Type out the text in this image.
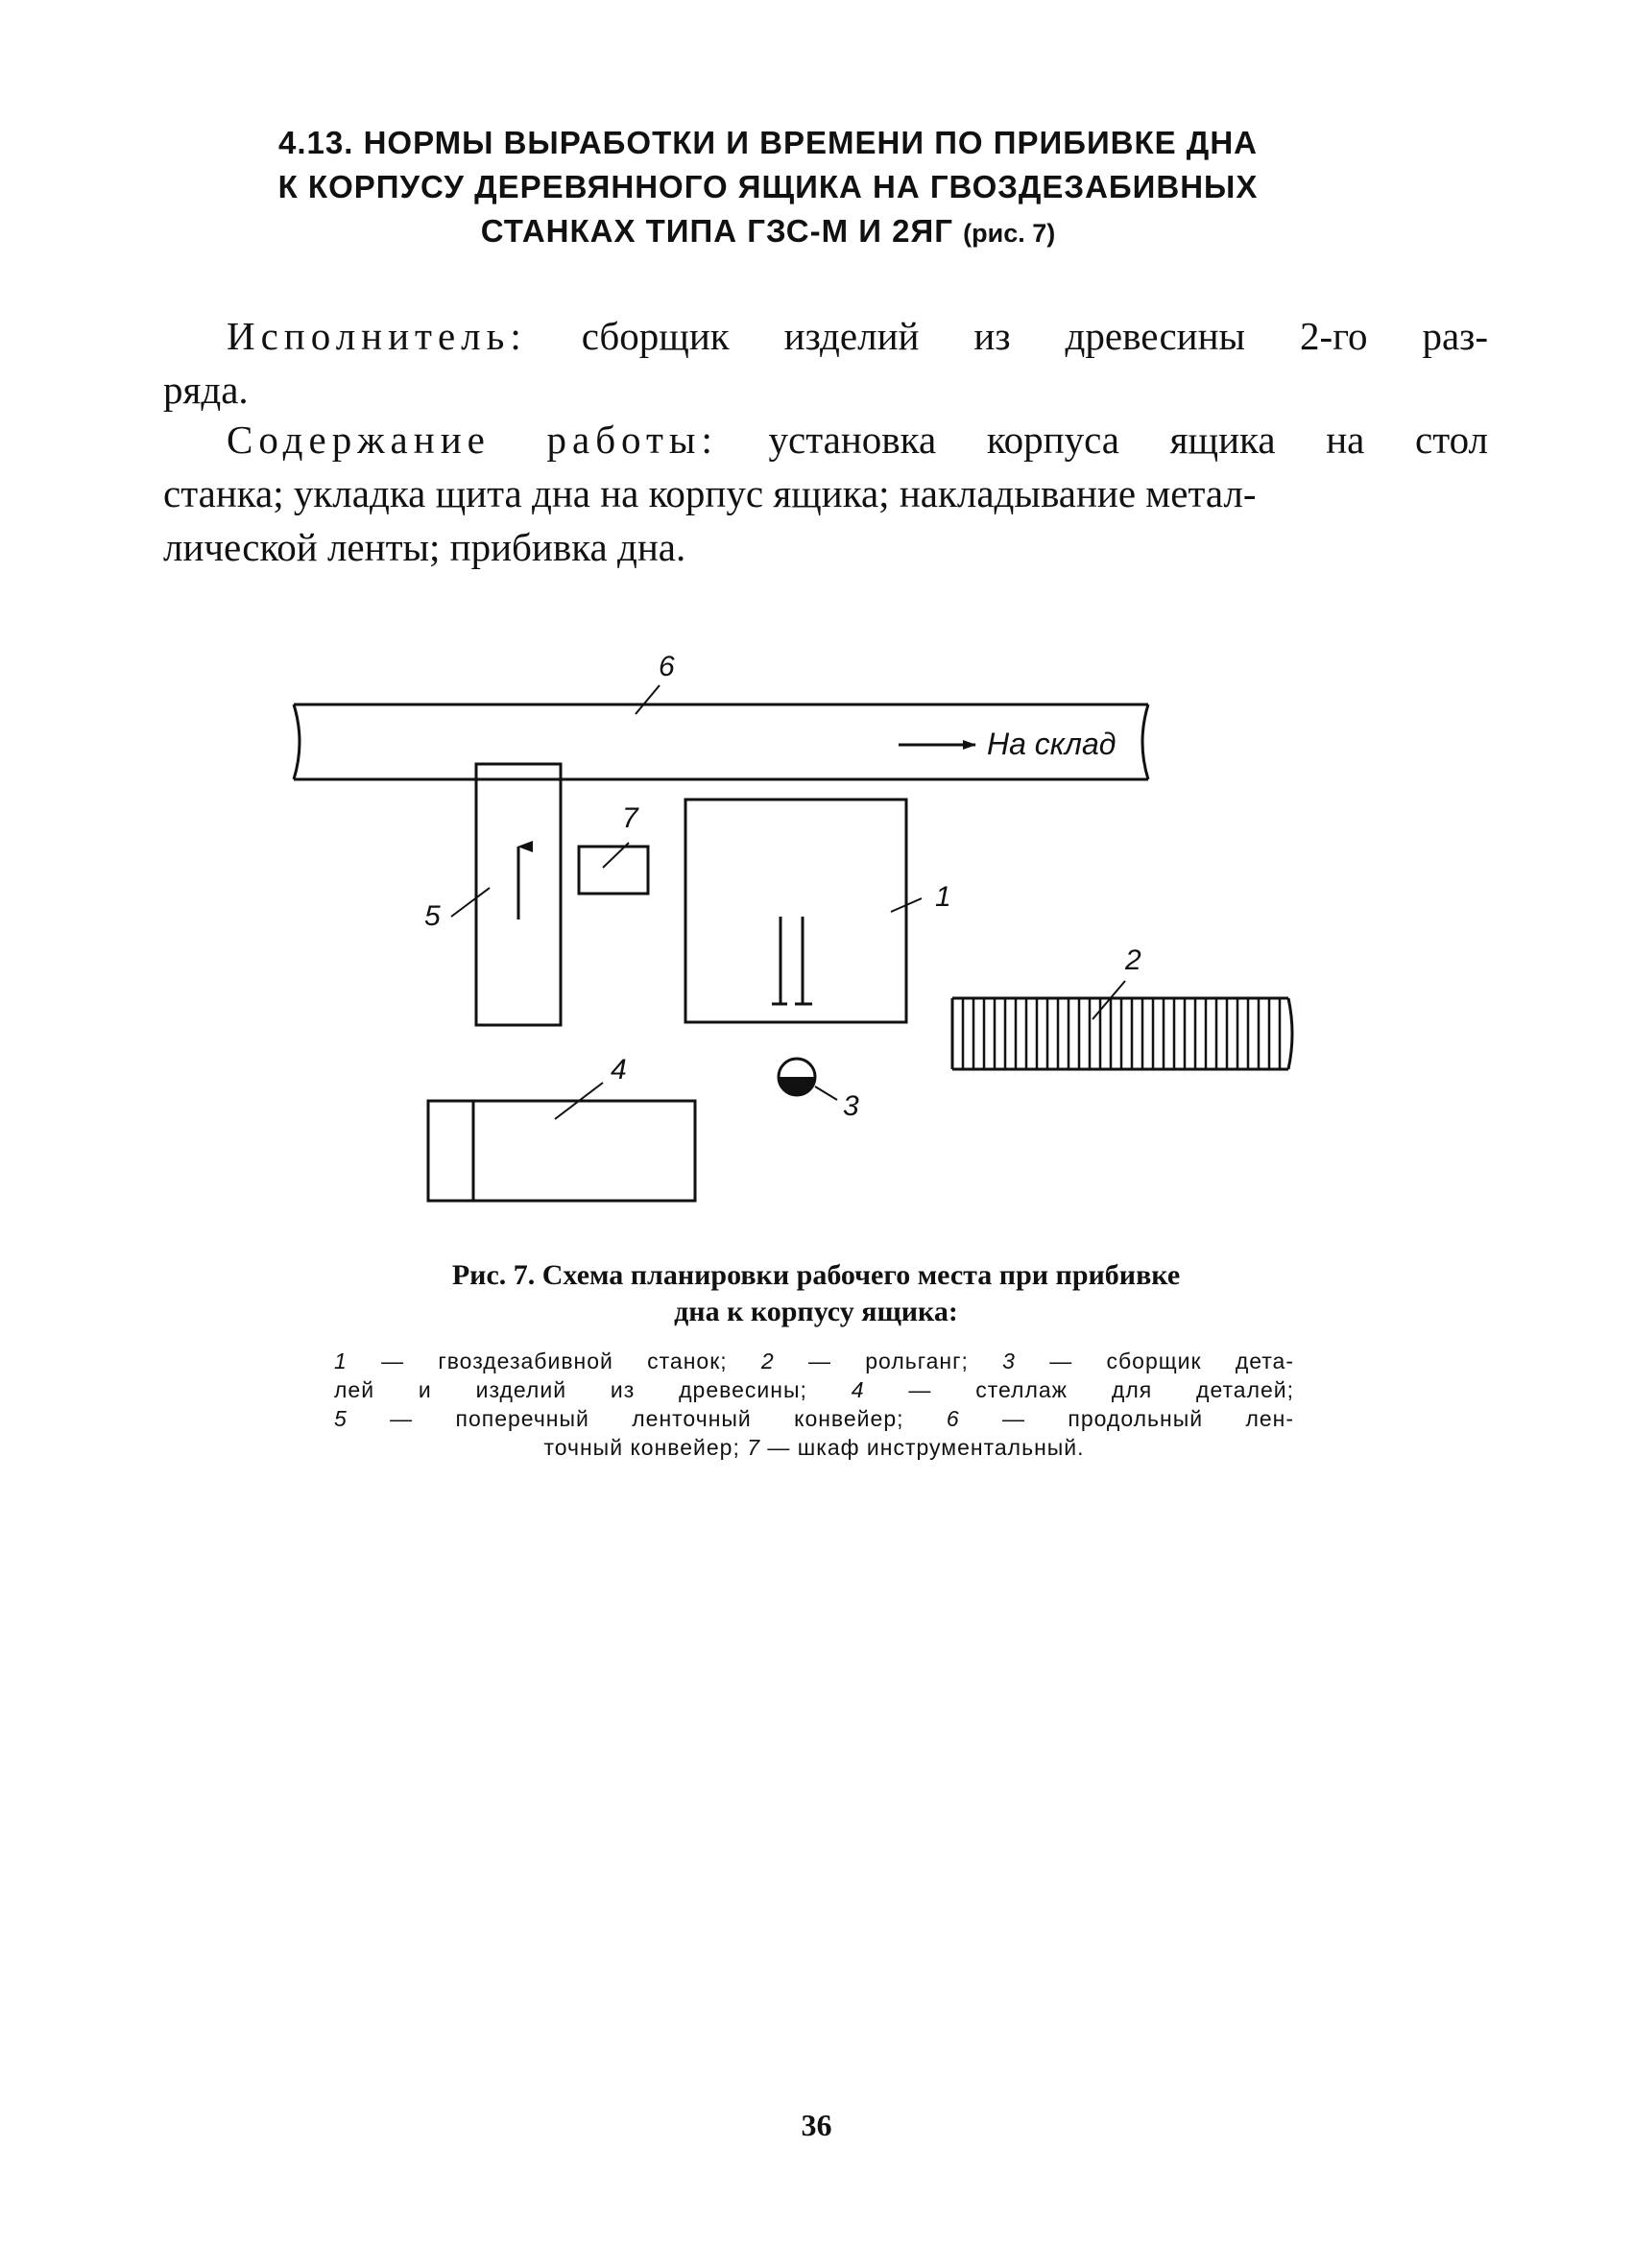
4.13. НОРМЫ ВЫРАБОТКИ И ВРЕМЕНИ ПО ПРИБИВКЕ ДНА
К КОРПУСУ ДЕРЕВЯННОГО ЯЩИКА НА ГВОЗДЕЗАБИВНЫХ
СТАНКАХ ТИПА ГЗС-М И 2ЯГ (рис. 7)
Исполнитель: сборщик изделий из древесины 2-го раз-
ряда.
Содержание работы: установка корпуса ящика на стол
станка; укладка щита дна на корпус ящика; накладывание метал-
лической ленты; прибивка дна.
На склад
6
5
7
1
2
3
4
Рис. 7. Схема планировки рабочего места при прибивке
дна к корпусу ящика:
1 — гвоздезабивной станок; 2 — рольганг; 3 — сборщик дета-
лей и изделий из древесины; 4 — стеллаж для деталей;
5 — поперечный ленточный конвейер; 6 — продольный лен-
точный конвейер; 7 — шкаф инструментальный.
36
